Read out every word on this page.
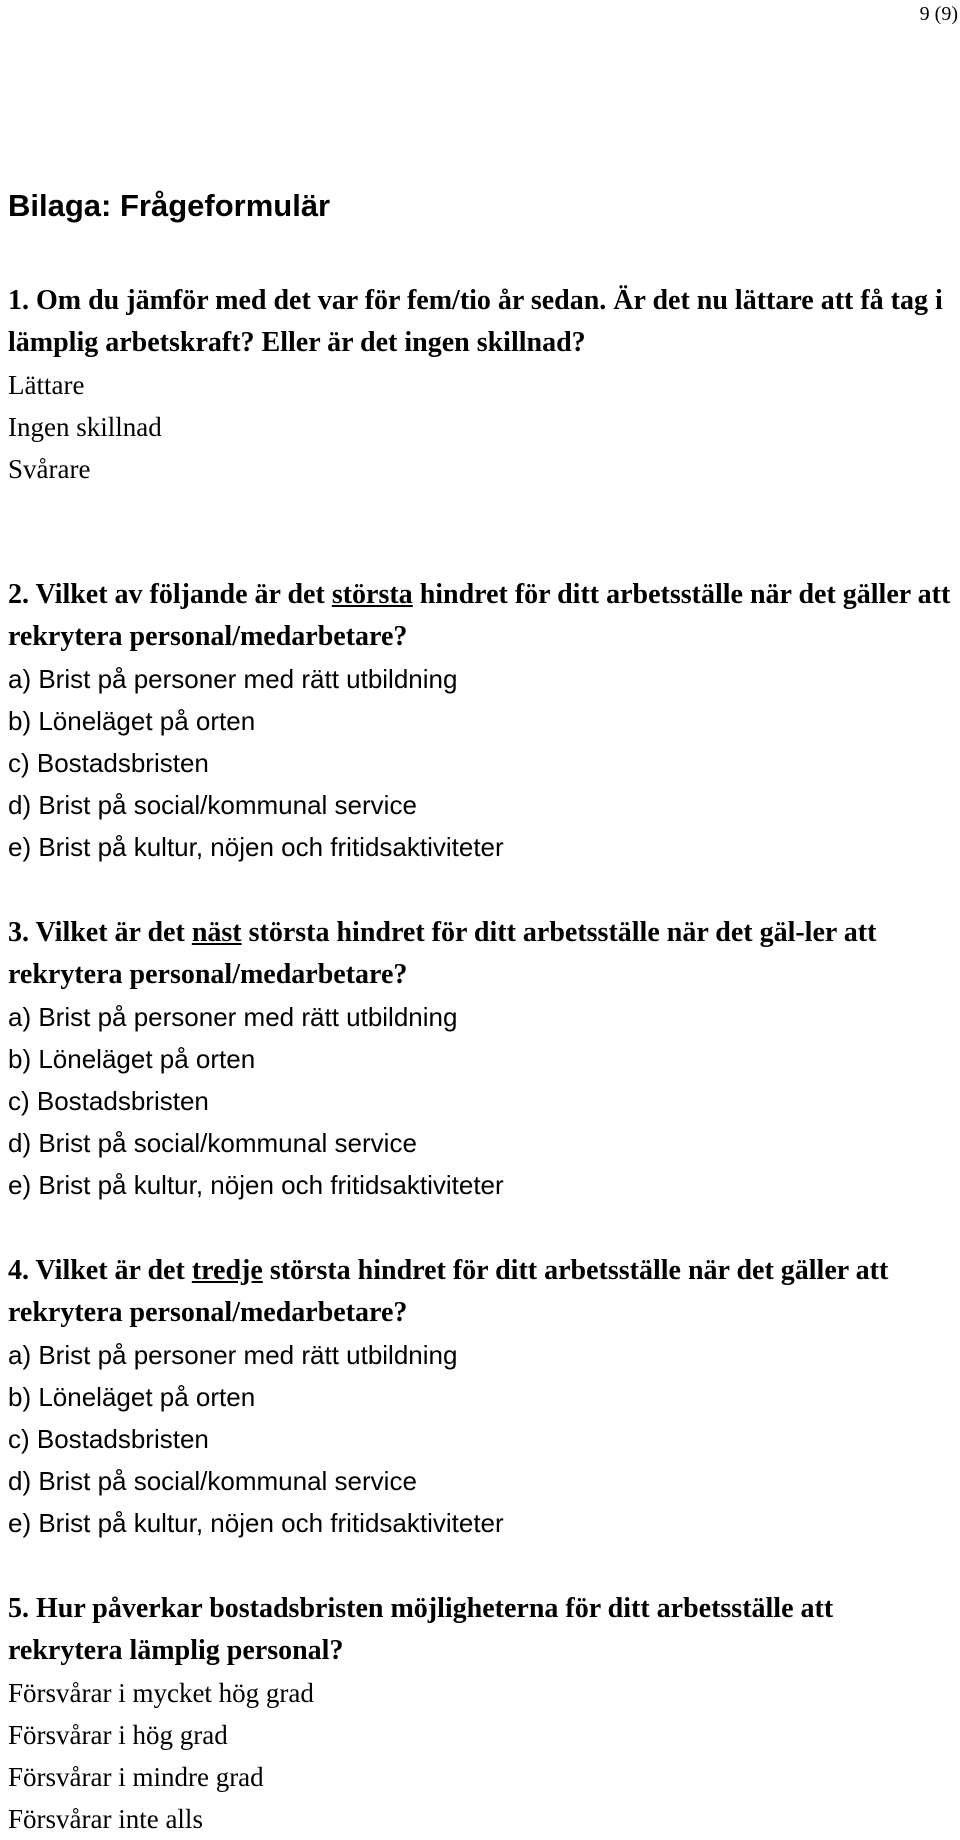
9 (9)
Bilaga: Frågeformulär

1. Om du jämför med det var för fem/tio år sedan. Är det nu lättare att få tag i lämplig arbetskraft? Eller är det ingen skillnad?

Lättare
Ingen skillnad
Svårare

2. Vilket av följande är det största hindret för ditt arbetsställe när det gäller att rekrytera personal/medarbetare?

a) Brist på personer med rätt utbildning
b) Löneläget på orten
c) Bostadsbristen
d) Brist på social/kommunal service
e) Brist på kultur, nöjen och fritidsaktiviteter

3. Vilket är det näst största hindret för ditt arbetsställe när det gäl-ler att rekrytera personal/medarbetare?

a) Brist på personer med rätt utbildning
b) Löneläget på orten
c) Bostadsbristen
d) Brist på social/kommunal service
e) Brist på kultur, nöjen och fritidsaktiviteter

4. Vilket är det tredje största hindret för ditt arbetsställe när det gäller att rekrytera personal/medarbetare?

a) Brist på personer med rätt utbildning
b) Löneläget på orten
c) Bostadsbristen
d) Brist på social/kommunal service
e) Brist på kultur, nöjen och fritidsaktiviteter

5. Hur påverkar bostadsbristen möjligheterna för ditt arbetsställe att rekrytera lämplig personal?

Försvårar i mycket hög grad
Försvårar i hög grad
Försvårar i mindre grad
Försvårar inte alls
